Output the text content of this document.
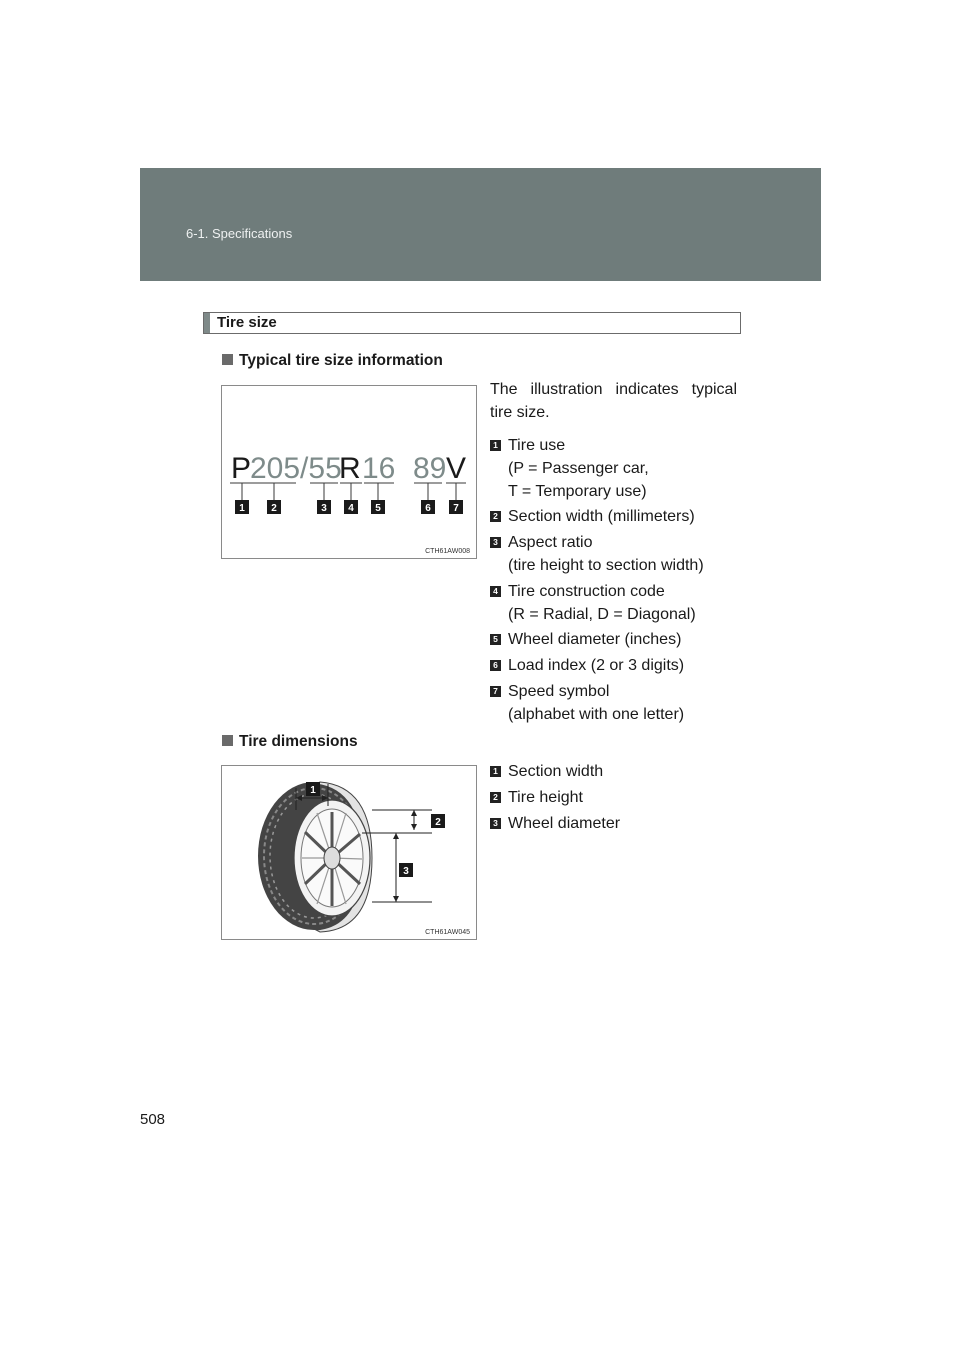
6-1. Specifications
Tire size
Typical tire size information
P
205/55
R 16 89 V
1	2	3 4 5	6 7
CTH61AW008
The illustration indicates typical
tire size.
1 Tire use
(P = Passenger car,
T = Temporary use)
2 Section width (millimeters)
3 Aspect ratio
(tire height to section width)
4 Tire construction code
(R = Radial, D = Diagonal)
5 Wheel diameter (inches)
6 Load index (2 or 3 digits)
7 Speed symbol
(alphabet with one letter)
Tire dimensions
1
2
3
CTH61AW045
1 Section width
2 Tire height
3 Wheel diameter
508
